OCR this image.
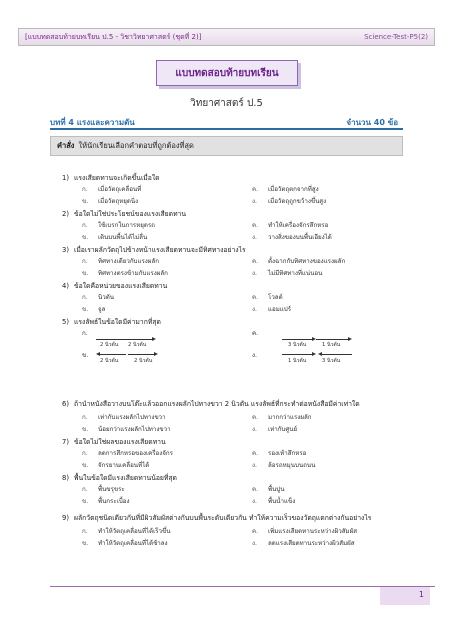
[แบบทดสอบท้ายบทเรียน ป.5 - วิชาวิทยาศาสตร์ (ชุดที่ 2)]	Science-Test-P5(2)
แบบทดสอบท้ายบทเรียน
วิทยาศาสตร์ ป.5
บทที่ 4 แรงและความดัน	จำนวน 40 ข้อ
คำสั่ง ให้นักเรียนเลือกคำตอบที่ถูกต้องที่สุด
1) แรงเสียดทานจะเกิดขึ้นเมื่อใด
ก. เมื่อวัตถุเคลื่อนที่
ข. เมื่อวัตถุหยุดนิ่ง
ค. เมื่อวัตถุตกจากที่สูง
ง. เมื่อวัตถุถูกขว้างขึ้นสูง
2) ข้อใดไม่ใช่ประโยชน์ของแรงเสียดทาน
ก. ใช้เบรกในการหยุดรถ
ข. เดินบนพื้นได้ไม่ลื่น
ค. ทำให้เครื่องจักรสึกหรอ
ง. วางสิ่งของบนพื้นเอียงได้
3) เมื่อเราผลักวัตถุไปข้างหน้าแรงเสียดทานจะมีทิศทางอย่างไร
ก. ทิศทางเดียวกับแรงผลัก
ข. ทิศทางตรงข้ามกับแรงผลัก
ค. ตั้งฉากกับทิศทางของแรงผลัก
ง. ไม่มีทิศทางที่แน่นอน
4) ข้อใดคือหน่วยของแรงเสียดทาน
ก. นิวตัน
ข. จูล
ค. โวลต์
ง. แอมแปร์
5) แรงลัพธ์ในข้อใดมีค่ามากที่สุด
ก.
2 นิวตัน 2 นิวตัน
ข.
2 นิวตัน	2 นิวตัน
ค.
3 นิวตัน	1 นิวตัน
ง.
1 นิวตัน	3 นิวตัน
6) ถ้านำหนังสือวางบนโต๊ะแล้วออกแรงผลักไปทางขวา 2 นิวตัน แรงลัพธ์ที่กระทำต่อหนังสือมีค่าเท่าใด
ก. เท่ากับแรงผลักไปทางขวา
ข. น้อยกว่าแรงผลักไปทางขวา
ค. มากกว่าแรงผลัก
ง. เท่ากับศูนย์
7) ข้อใดไม่ใช่ผลของแรงเสียดทาน
ก. ลดการสึกหรอของเครื่องจักร
ข. จักรยานเคลื่อนที่ได้
ค. รองเท้าสึกหรอ
ง. ล้อรถหมุนบนถนน
8) พื้นในข้อใดมีแรงเสียดทานน้อยที่สุด
ก. พื้นขรุขระ
ข. พื้นกระเบื้อง
ค. พื้นปูน
ง. พื้นน้ำแข็ง
9) ผลักวัตถุชนิดเดียวกันที่มีผิวสัมผัสต่างกันบนพื้นระดับเดียวกัน ทำให้ความเร็วของวัตถุแตกต่างกันอย่างไร
ก. ทำให้วัตถุเคลื่อนที่ได้เร็วขึ้น
ข. ทำให้วัตถุเคลื่อนที่ได้ช้าลง
ค. เพิ่มแรงเสียดทานระหว่างผิวสัมผัส
ง. ลดแรงเสียดทานระหว่างผิวสัมผัส
1
